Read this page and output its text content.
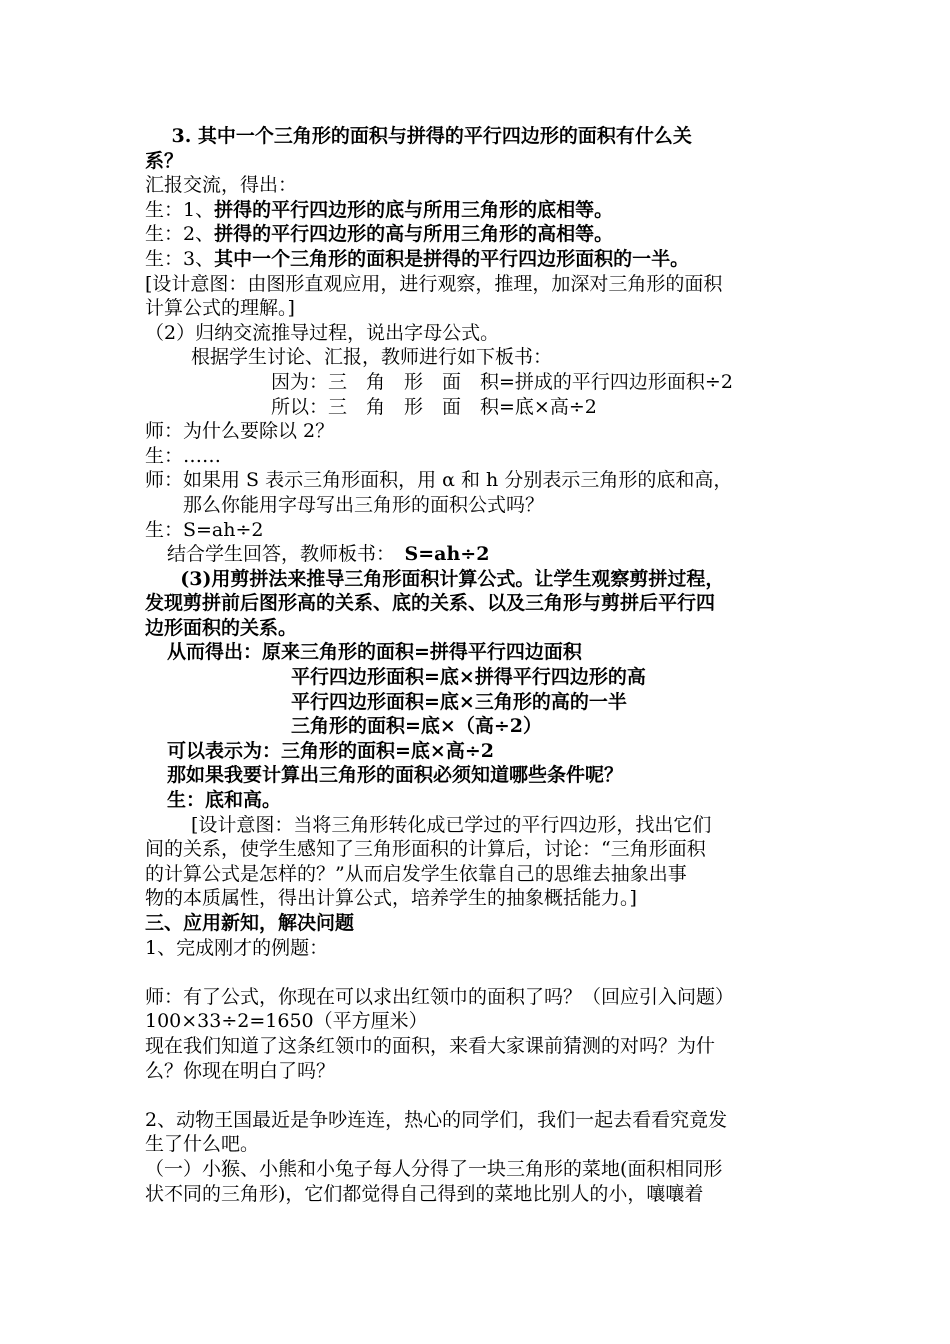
3. 其中一个三角形的面积与拼得的平行四边形的面积有什么关

系？

汇报交流，得出：

生：1、拼得的平行四边形的底与所用三角形的底相等。

生：2、拼得的平行四边形的高与所用三角形的高相等。

生：3、其中一个三角形的面积是拼得的平行四边形面积的一半。

[设计意图：由图形直观应用，进行观察，推理，加深对三角形的面积

计算公式的理解。]

（2）归纳交流推导过程，说出字母公式。

根据学生讨论、汇报，教师进行如下板书：

因为：三　角　形　面　积=拼成的平行四边形面积÷2

所以：三　角　形　面　积=底×高÷2

师：为什么要除以 2？

生：……

师：如果用 S 表示三角形面积，用 α 和 h 分别表示三角形的底和高，

那么你能用字母写出三角形的面积公式吗？

生：S=ah÷2

结合学生回答，教师板书：　S=ah÷2

(3)用剪拼法来推导三角形面积计算公式。让学生观察剪拼过程，

发现剪拼前后图形高的关系、底的关系、以及三角形与剪拼后平行四

边形面积的关系。

从而得出：原来三角形的面积=拼得平行四边面积

平行四边形面积=底×拼得平行四边形的高

平行四边形面积=底×三角形的高的一半

三角形的面积=底×（高÷2）

可以表示为：三角形的面积=底×高÷2

那如果我要计算出三角形的面积必须知道哪些条件呢？

生：底和高。

[设计意图：当将三角形转化成已学过的平行四边形，找出它们

间的关系，使学生感知了三角形面积的计算后，讨论：“三角形面积

的计算公式是怎样的？”从而启发学生依靠自己的思维去抽象出事

物的本质属性，得出计算公式，培养学生的抽象概括能力。]

三、应用新知，解决问题

1、完成刚才的例题：

师：有了公式，你现在可以求出红领巾的面积了吗？（回应引入问题）

100×33÷2=1650（平方厘米）

现在我们知道了这条红领巾的面积，来看大家课前猜测的对吗？为什

么？你现在明白了吗？

2、动物王国最近是争吵连连，热心的同学们，我们一起去看看究竟发

生了什么吧。

（一）小猴、小熊和小兔子每人分得了一块三角形的菜地(面积相同形

状不同的三角形)，它们都觉得自己得到的菜地比别人的小，嚷嚷着
